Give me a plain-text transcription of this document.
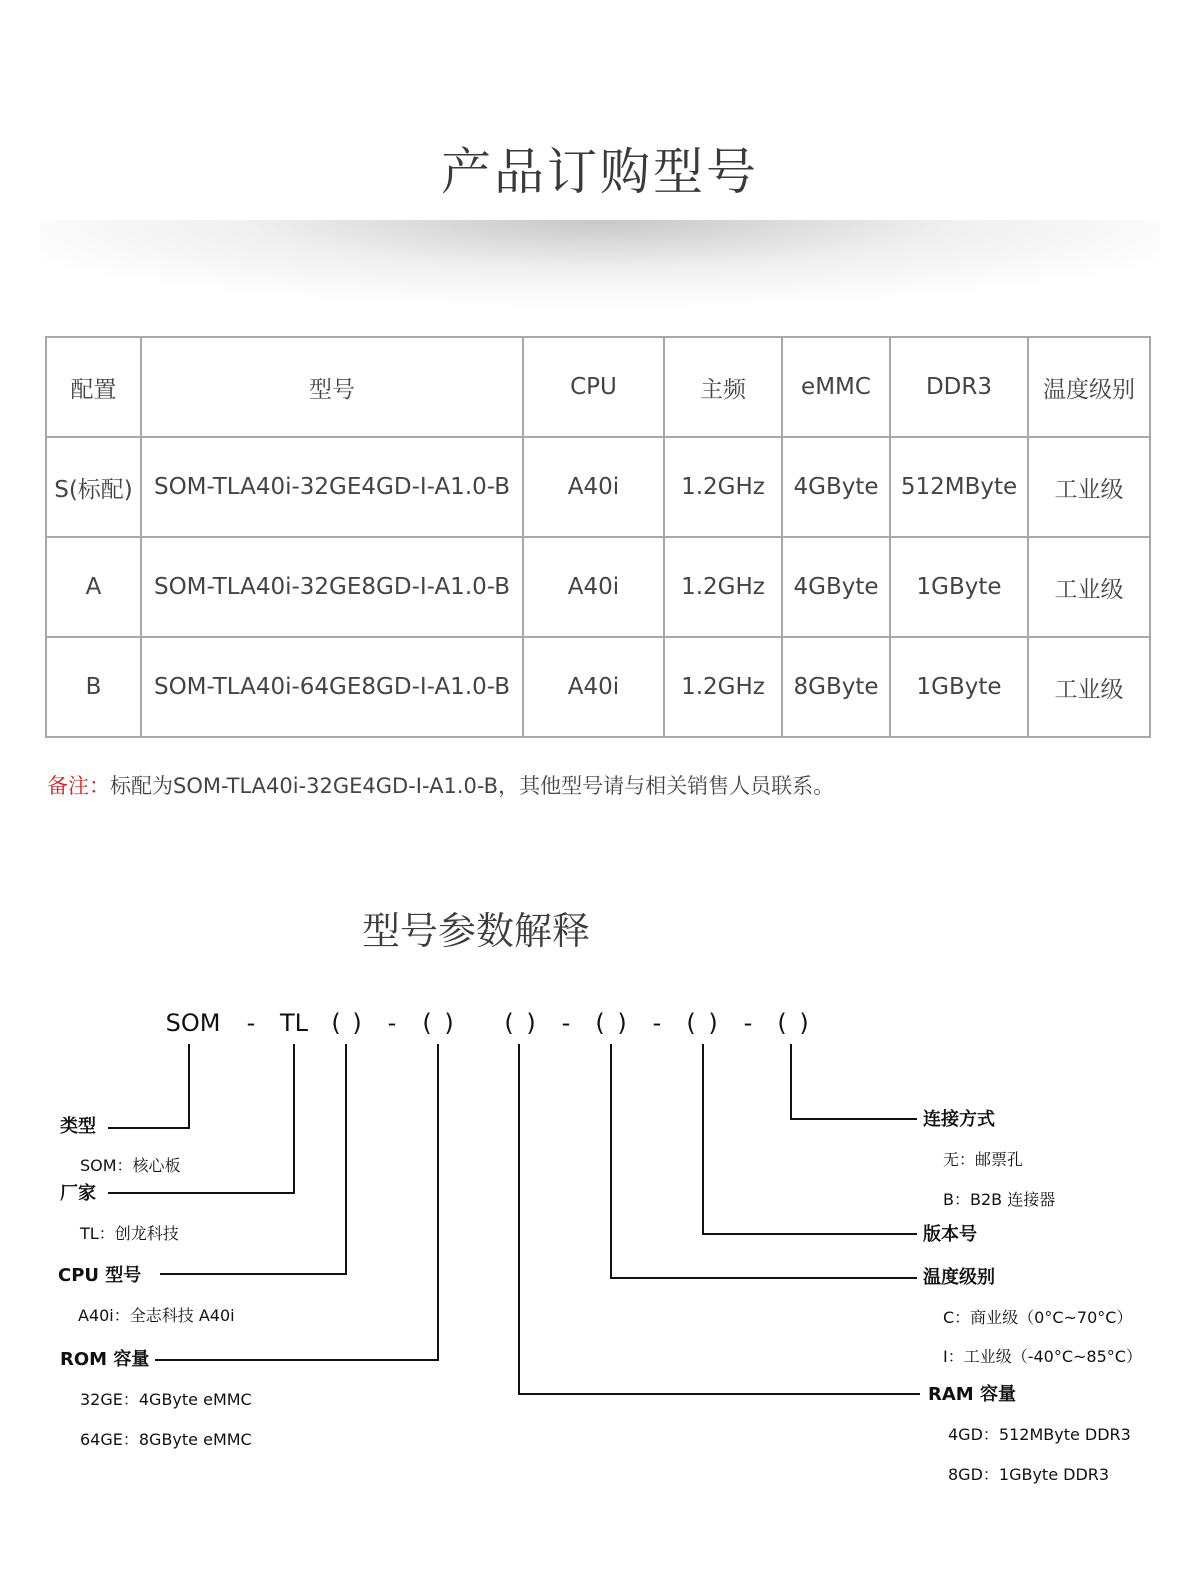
产品订购型号
配置	型号	CPU	主频	eMMC	DDR3	温度级别
S(标配)	SOM-TLA40i-32GE4GD-I-A1.0-B	A40i	1.2GHz	4GByte	512MByte	工业级
A	SOM-TLA40i-32GE8GD-I-A1.0-B	A40i	1.2GHz	4GByte	1GByte	工业级
B	SOM-TLA40i-64GE8GD-I-A1.0-B	A40i	1.2GHz	8GByte	1GByte	工业级

备注：标配为SOM-TLA40i-32GE4GD-I-A1.0-B，其他型号请与相关销售人员联系。

型号参数解释
SOM - TL ( ) - ( ) ( ) - ( ) - ( ) - ( )
类型
SOM：核心板
厂家
TL：创龙科技
CPU 型号
A40i：全志科技 A40i
ROM 容量
32GE：4GByte eMMC
64GE：8GByte eMMC
连接方式
无：邮票孔
B：B2B 连接器
版本号
温度级别
C：商业级（0°C~70°C）
I：工业级（-40°C~85°C）
RAM 容量
4GD：512MByte DDR3
8GD：1GByte DDR3
